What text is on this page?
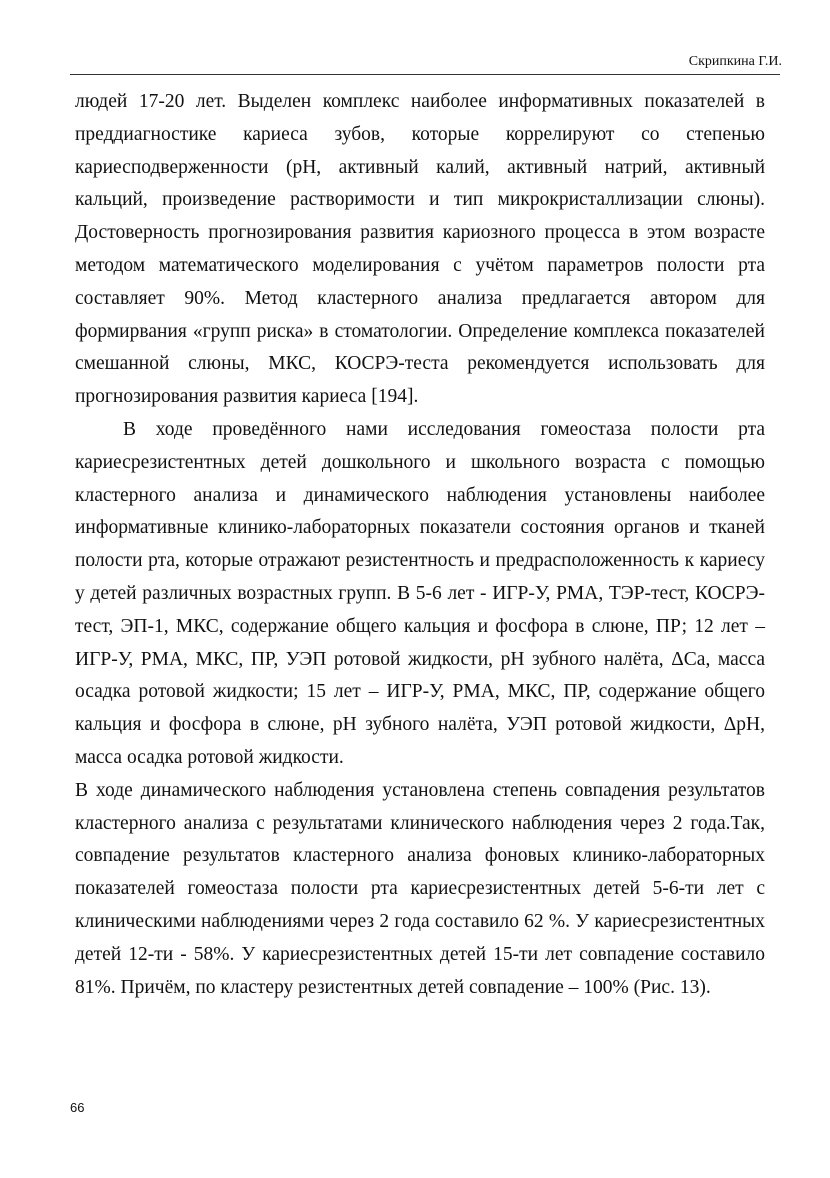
Скрипкина Г.И.

людей 17-20 лет. Выделен комплекс наиболее информативных показателей в преддиагностике кариеса зубов, которые коррелируют со степенью кариесподверженности (рН, активный калий, активный натрий, активный кальций, произведение растворимости и тип микрокристаллизации слюны). Достоверность прогнозирования развития кариозного процесса в этом возрасте методом математического моделирования с учётом параметров полости рта составляет 90%. Метод кластерного анализа предлагается автором для формирвания «групп риска» в стоматологии. Определение комплекса показателей смешанной слюны, МКС, КОСРЭ-теста рекомендуется использовать для прогнозирования развития кариеса [194].

В ходе проведённого нами исследования гомеостаза полости рта кариесрезистентных детей дошкольного и школьного возраста с помощью кластерного анализа и динамического наблюдения установлены наиболее информативные клинико-лабораторных показатели состояния органов и тканей полости рта, которые отражают резистентность и предрасположенность к кариесу у детей различных возрастных групп. В 5-6 лет - ИГР-У, РМА, ТЭР-тест, КОСРЭ-тест, ЭП-1, МКС, содержание общего кальция и фосфора в слюне, ПР; 12 лет – ИГР-У, РМА, МКС, ПР, УЭП ротовой жидкости, pH зубного налёта, ΔСа, масса осадка ротовой жидкости; 15 лет – ИГР-У, РМА, МКС, ПР, содержание общего кальция и фосфора в слюне, рН зубного налёта, УЭП ротовой жидкости, ΔрН, масса осадка ротовой жидкости.

В ходе динамического наблюдения установлена степень совпадения результатов кластерного анализа с результатами клинического наблюдения через 2 года.Так, совпадение результатов кластерного анализа фоновых клинико-лабораторных показателей гомеостаза полости рта кариесрезистентных детей 5-6-ти лет с клиническими наблюдениями через 2 года составило 62 %. У кариесрезистентных детей 12-ти - 58%. У кариесрезистентных детей 15-ти лет совпадение составило 81%. Причём, по кластеру резистентных детей совпадение – 100% (Рис. 13).

66
